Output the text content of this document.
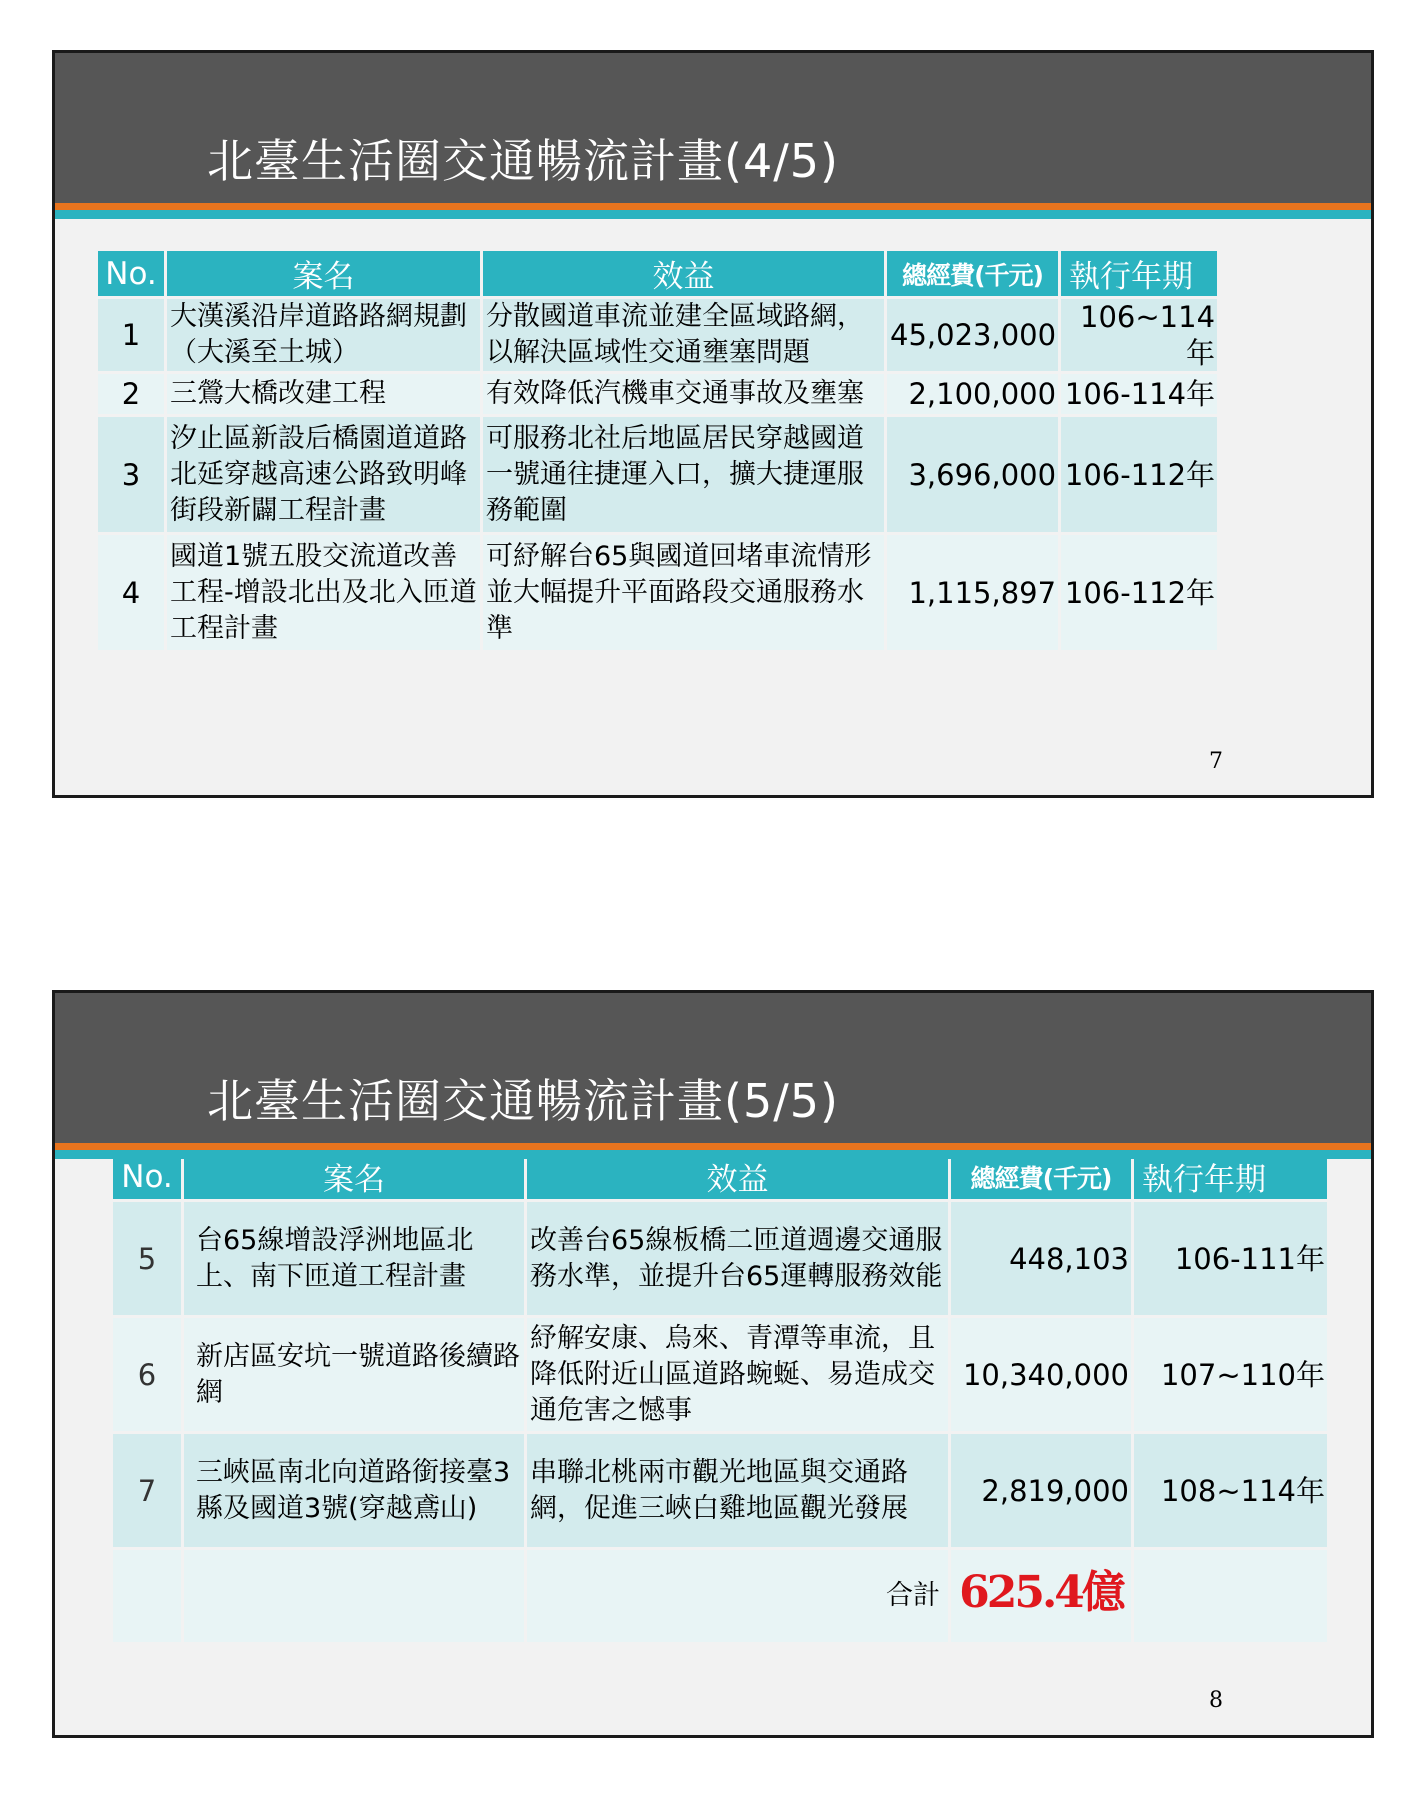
北臺生活圈交通暢流計畫(4/5)
No.	案名	效益	總經費(千元)	執行年期
1	大漢溪沿岸道路路網規劃（大溪至土城）	分散國道車流並建全區域路網，以解決區域性交通壅塞問題	45,023,000	106~114年
2	三鶯大橋改建工程	有效降低汽機車交通事故及壅塞	2,100,000	106-114年
3	汐止區新設后橋園道道路北延穿越高速公路致明峰街段新闢工程計畫	可服務北社后地區居民穿越國道一號通往捷運入口，擴大捷運服務範圍	3,696,000	106-112年
4	國道1號五股交流道改善工程-增設北出及北入匝道工程計畫	可紓解台65與國道回堵車流情形並大幅提升平面路段交通服務水準	1,115,897	106-112年
7
北臺生活圈交通暢流計畫(5/5)
No.	案名	效益	總經費(千元)	執行年期
5	台65線增設浮洲地區北上、南下匝道工程計畫	改善台65線板橋二匝道週邊交通服務水準，並提升台65運轉服務效能	448,103	106-111年
6	新店區安坑一號道路後續路網	紓解安康、烏來、青潭等車流，且降低附近山區道路蜿蜒、易造成交通危害之憾事	10,340,000	107~110年
7	三峽區南北向道路銜接臺3縣及國道3號(穿越鳶山)	串聯北桃兩市觀光地區與交通路網，促進三峽白雞地區觀光發展	2,819,000	108~114年
		合計	625.4億	
8
